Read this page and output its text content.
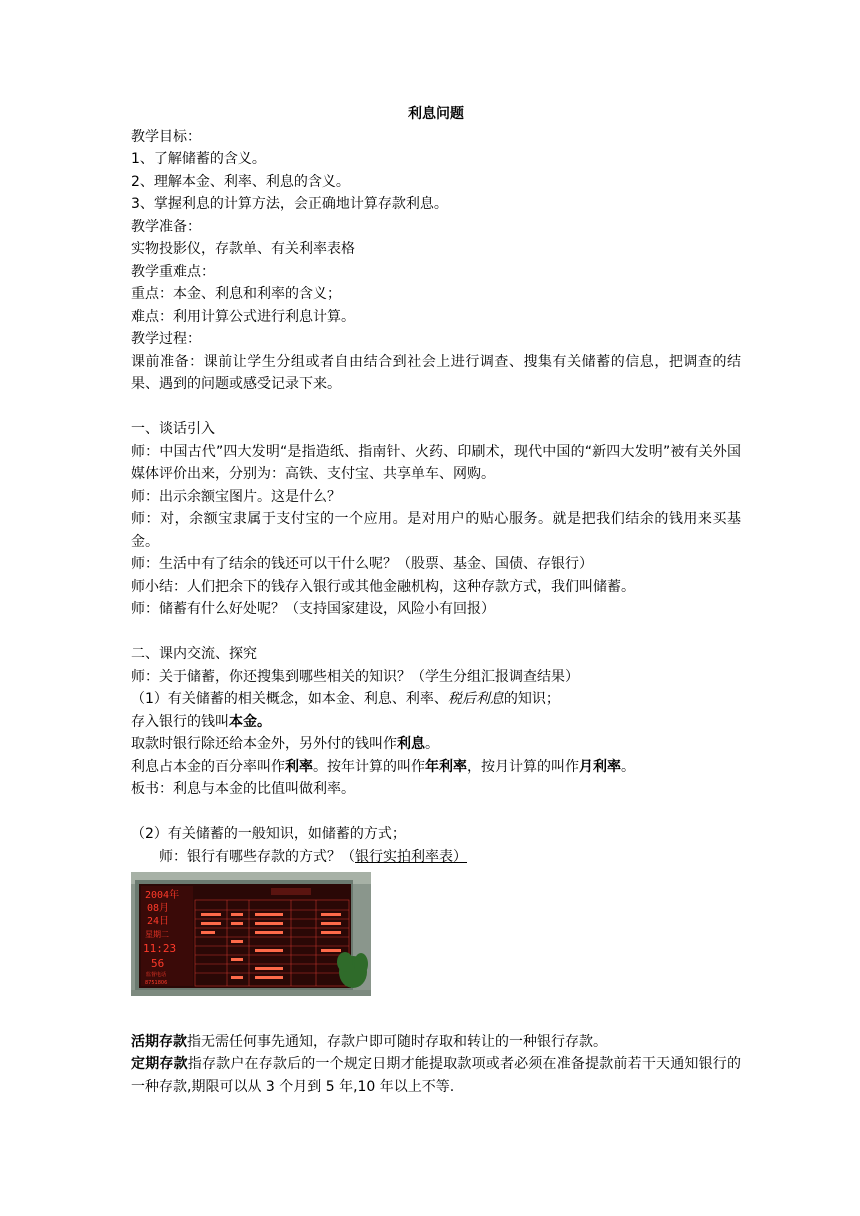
利息问题
教学目标：
1、了解储蓄的含义。
2、理解本金、利率、利息的含义。
3、掌握利息的计算方法，会正确地计算存款利息。
教学准备：
实物投影仪，存款单、有关利率表格
教学重难点：
重点：本金、利息和利率的含义；
难点：利用计算公式进行利息计算。
教学过程：
课前准备：课前让学生分组或者自由结合到社会上进行调查、搜集有关储蓄的信息，把调查的结果、遇到的问题或感受记录下来。
一、谈话引入
师：中国古代”四大发明“是指造纸、指南针、火药、印刷术，现代中国的“新四大发明”被有关外国媒体评价出来，分别为：高铁、支付宝、共享单车、网购。
师：出示余额宝图片。这是什么？
师：对，余额宝隶属于支付宝的一个应用。是对用户的贴心服务。就是把我们结余的钱用来买基金。
师：生活中有了结余的钱还可以干什么呢？（股票、基金、国债、存银行）
师小结：人们把余下的钱存入银行或其他金融机构，这种存款方式，我们叫储蓄。
师：储蓄有什么好处呢？（支持国家建设，风险小有回报）
二、课内交流、探究
师：关于储蓄，你还搜集到哪些相关的知识？（学生分组汇报调查结果）
（1）有关储蓄的相关概念，如本金、利息、利率、税后利息的知识；
存入银行的钱叫本金。
取款时银行除还给本金外，另外付的钱叫作利息。
利息占本金的百分率叫作利率。按年计算的叫作年利率，按月计算的叫作月利率。
板书：利息与本金的比值叫做利率。
（2）有关储蓄的一般知识，如储蓄的方式；
师：银行有哪些存款的方式？（银行实拍利率表）
2004年
08月
24日
星期二
11:23
56
监督电话
8751806
活期存款指无需任何事先通知，存款户即可随时存取和转让的一种银行存款。
定期存款指存款户在存款后的一个规定日期才能提取款项或者必须在准备提款前若干天通知银行的一种存款,期限可以从 3 个月到 5 年,10 年以上不等.
